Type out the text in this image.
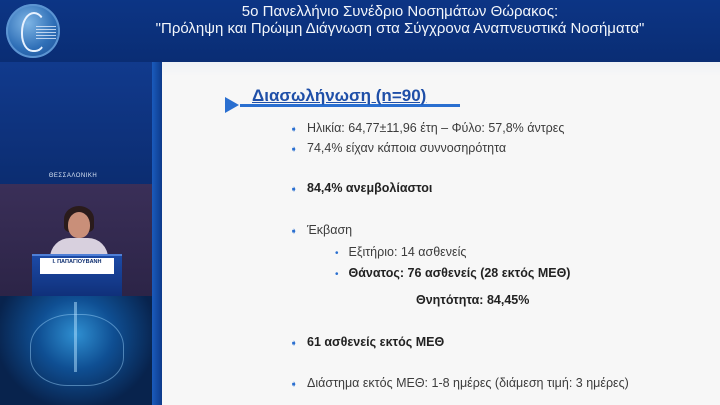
5ο Πανελλήνιο Συνέδριο Νοσημάτων Θώρακος:
"Πρόληψη και Πρώιμη Διάγνωση στα Σύγχρονα Αναπνευστικά Νοσήματα"
ΘΕΣΣΑΛΟΝΙΚΗ
Ι. ΠΑΠΑΓΙΟΥΒΑΝΗ

Διασωλήνωση (n=90)
➧ Ηλικία: 64,77±11,96 έτη – Φύλο: 57,8% άντρες
➧ 74,4% είχαν κάποια συννοσηρότητα
➧ 84,4% ανεμβολίαστοι
➧ Έκβαση
• Εξιτήριο: 14 ασθενείς
• Θάνατος: 76 ασθενείς (28 εκτός ΜΕΘ)
Θνητότητα: 84,45%
➧ 61 ασθενείς εκτός ΜΕΘ
➧ Διάστημα εκτός ΜΕΘ: 1-8 ημέρες (διάμεση τιμή: 3 ημέρες)
